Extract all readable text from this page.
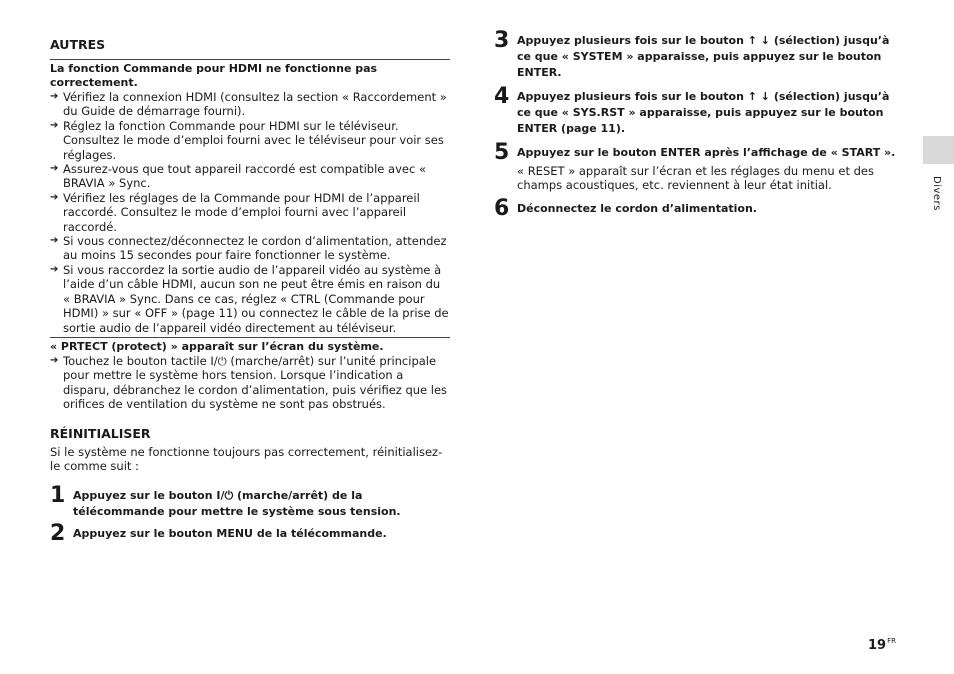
AUTRES
La fonction Commande pour HDMI ne fonctionne pas correctement.
➔ Vérifiez la connexion HDMI (consultez la section « Raccordement » du Guide de démarrage fourni).
➔ Réglez la fonction Commande pour HDMI sur le téléviseur. Consultez le mode d’emploi fourni avec le téléviseur pour voir ses réglages.
➔ Assurez-vous que tout appareil raccordé est compatible avec « BRAVIA » Sync.
➔ Vérifiez les réglages de la Commande pour HDMI de l’appareil raccordé. Consultez le mode d’emploi fourni avec l’appareil raccordé.
➔ Si vous connectez/déconnectez le cordon d’alimentation, attendez au moins 15 secondes pour faire fonctionner le système.
➔ Si vous raccordez la sortie audio de l’appareil vidéo au système à l’aide d’un câble HDMI, aucun son ne peut être émis en raison du « BRAVIA » Sync. Dans ce cas, réglez « CTRL (Commande pour HDMI) » sur « OFF » (page 11) ou connectez le câble de la prise de sortie audio de l’appareil vidéo directement au téléviseur.
« PRTECT (protect) » apparaît sur l’écran du système.
➔ Touchez le bouton tactile I/⏻ (marche/arrêt) sur l’unité principale pour mettre le système hors tension. Lorsque l’indication a disparu, débranchez le cordon d’alimentation, puis vérifiez que les orifices de ventilation du système ne sont pas obstrués.
RÉINITIALISER
Si le système ne fonctionne toujours pas correctement, réinitialisez-le comme suit :
1 Appuyez sur le bouton I/⏻ (marche/arrêt) de la télécommande pour mettre le système sous tension.
2 Appuyez sur le bouton MENU de la télécommande.
3 Appuyez plusieurs fois sur le bouton ↑ ↓ (sélection) jusqu’à ce que « SYSTEM » apparaisse, puis appuyez sur le bouton ENTER.
4 Appuyez plusieurs fois sur le bouton ↑ ↓ (sélection) jusqu’à ce que « SYS.RST » apparaisse, puis appuyez sur le bouton ENTER (page 11).
5 Appuyez sur le bouton ENTER après l’affichage de « START ».
« RESET » apparaît sur l’écran et les réglages du menu et des champs acoustiques, etc. reviennent à leur état initial.
6 Déconnectez le cordon d’alimentation.	Divers
$19^{FR}$
